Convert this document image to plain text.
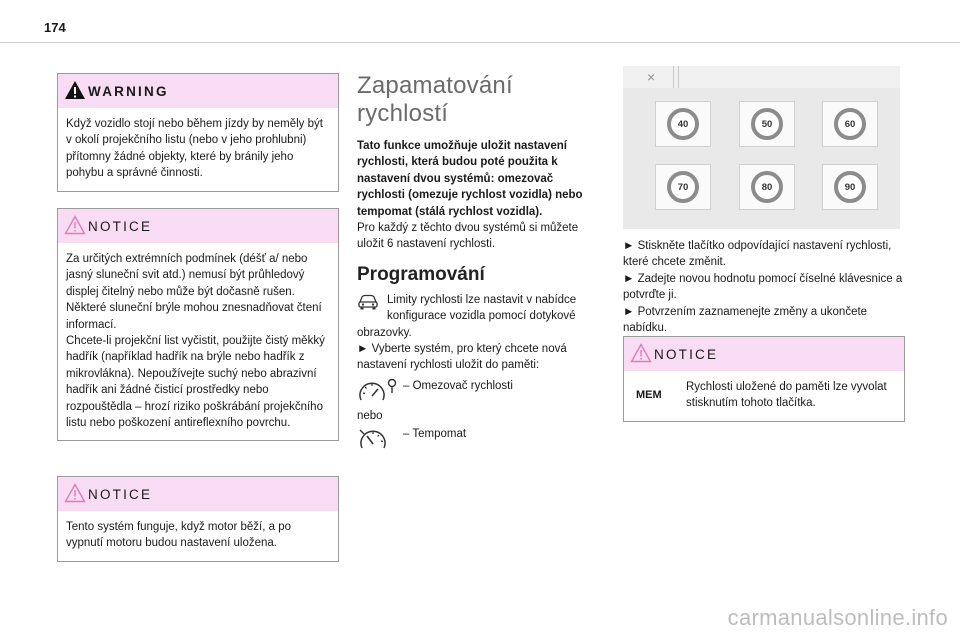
174
WARNING
Když vozidlo stojí nebo během jízdy by neměly být v okolí projekčního listu (nebo v jeho prohlubni) přítomny žádné objekty, které by bránily jeho pohybu a správné činnosti.
NOTICE
Za určitých extrémních podmínek (déšť a/ nebo jasný sluneční svit atd.) nemusí být průhledový displej čitelný nebo může být dočasně rušen.
Některé sluneční brýle mohou znesnadňovat čtení informací.
Chcete-li projekční list vyčistit, použijte čistý měkký hadřík (například hadřík na brýle nebo hadřík z mikrovlákna). Nepoužívejte suchý nebo abrazivní hadřík ani žádné čisticí prostředky nebo rozpouštědla – hrozí riziko poškrábání projekčního listu nebo poškození antireflexního povrchu.
NOTICE
Tento systém funguje, když motor běží, a po vypnutí motoru budou nastavení uložena.
Zapamatování rychlostí
Tato funkce umožňuje uložit nastavení rychlosti, která budou poté použita k nastavení dvou systémů: omezovač rychlosti (omezuje rychlost vozidla) nebo tempomat (stálá rychlost vozidla).
Pro každý z těchto dvou systémů si můžete uložit 6 nastavení rychlosti.
Programování
Limity rychlosti lze nastavit v nabídce konfigurace vozidla pomocí dotykové obrazovky.
► Vyberte systém, pro který chcete nová nastavení rychlosti uložit do paměti:
– Omezovač rychlosti
nebo
– Tempomat
×
40	50	60
70	80	90
► Stiskněte tlačítko odpovídající nastavení rychlosti, které chcete změnit.
► Zadejte novou hodnotu pomocí číselné klávesnice a potvrďte ji.
► Potvrzením zaznamenejte změny a ukončete nabídku.
NOTICE
MEM
Rychlosti uložené do paměti lze vyvolat stisknutím tohoto tlačítka.
carmanualsonline.info
